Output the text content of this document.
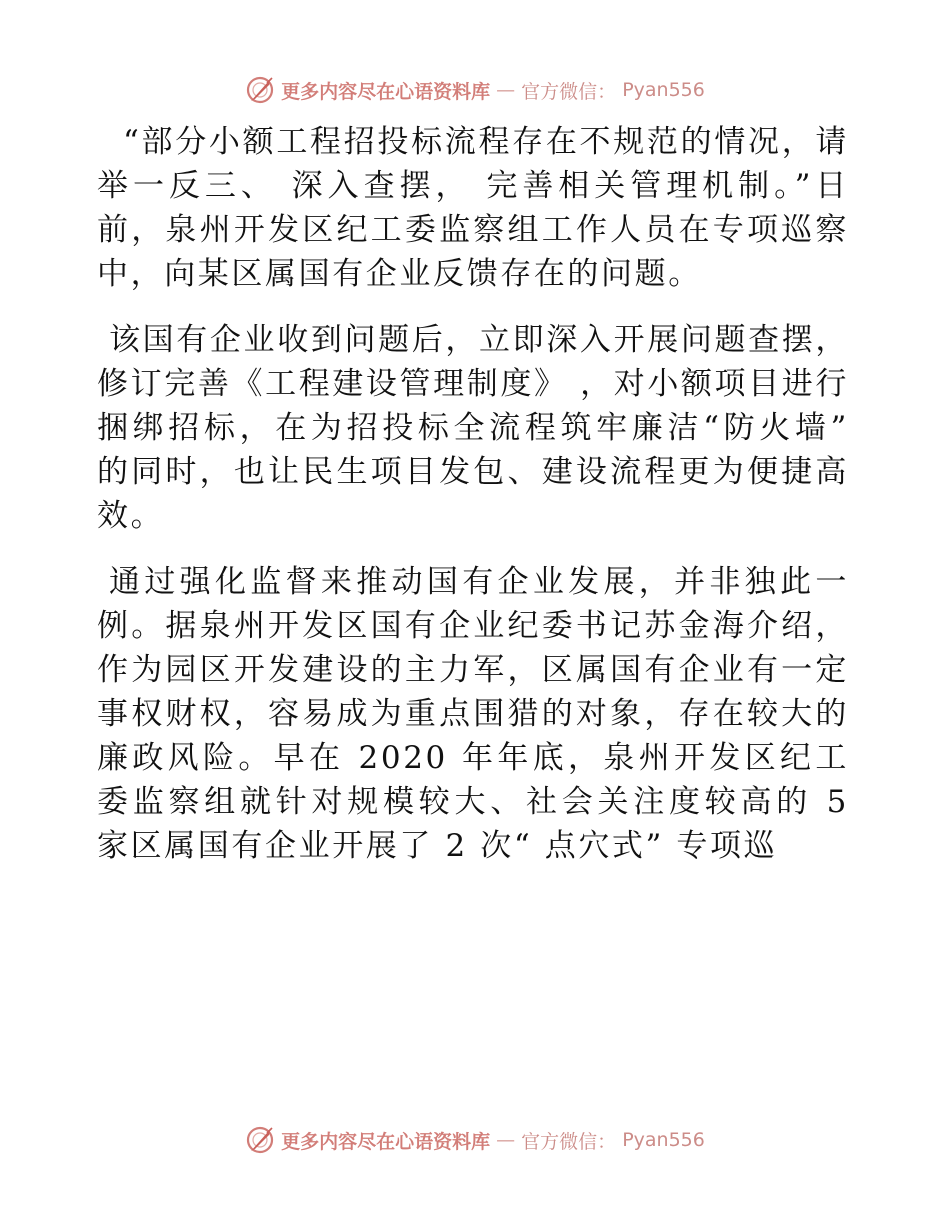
更多内容尽在心语资料库 — 官方微信： Pyan556

“部分小额工程招投标流程存在不规范的情况，请举一反三、 深入查摆， 完善相关管理机制。”日前，泉州开发区纪工委监察组工作人员在专项巡察中，向某区属国有企业反馈存在的问题。

该国有企业收到问题后，立即深入开展问题查摆，修订完善《工程建设管理制度》 ，对小额项目进行捆绑招标，在为招投标全流程筑牢廉洁“防火墙” 的同时，也让民生项目发包、建设流程更为便捷高效。

通过强化监督来推动国有企业发展，并非独此一例。据泉州开发区国有企业纪委书记苏金海介绍，作为园区开发建设的主力军，区属国有企业有一定事权财权，容易成为重点围猎的对象，存在较大的廉政风险。早在 2020 年年底，泉州开发区纪工委监察组就针对规模较大、社会关注度较高的 5 家区属国有企业开展了 2 次“ 点穴式” 专项巡

更多内容尽在心语资料库 — 官方微信： Pyan556
